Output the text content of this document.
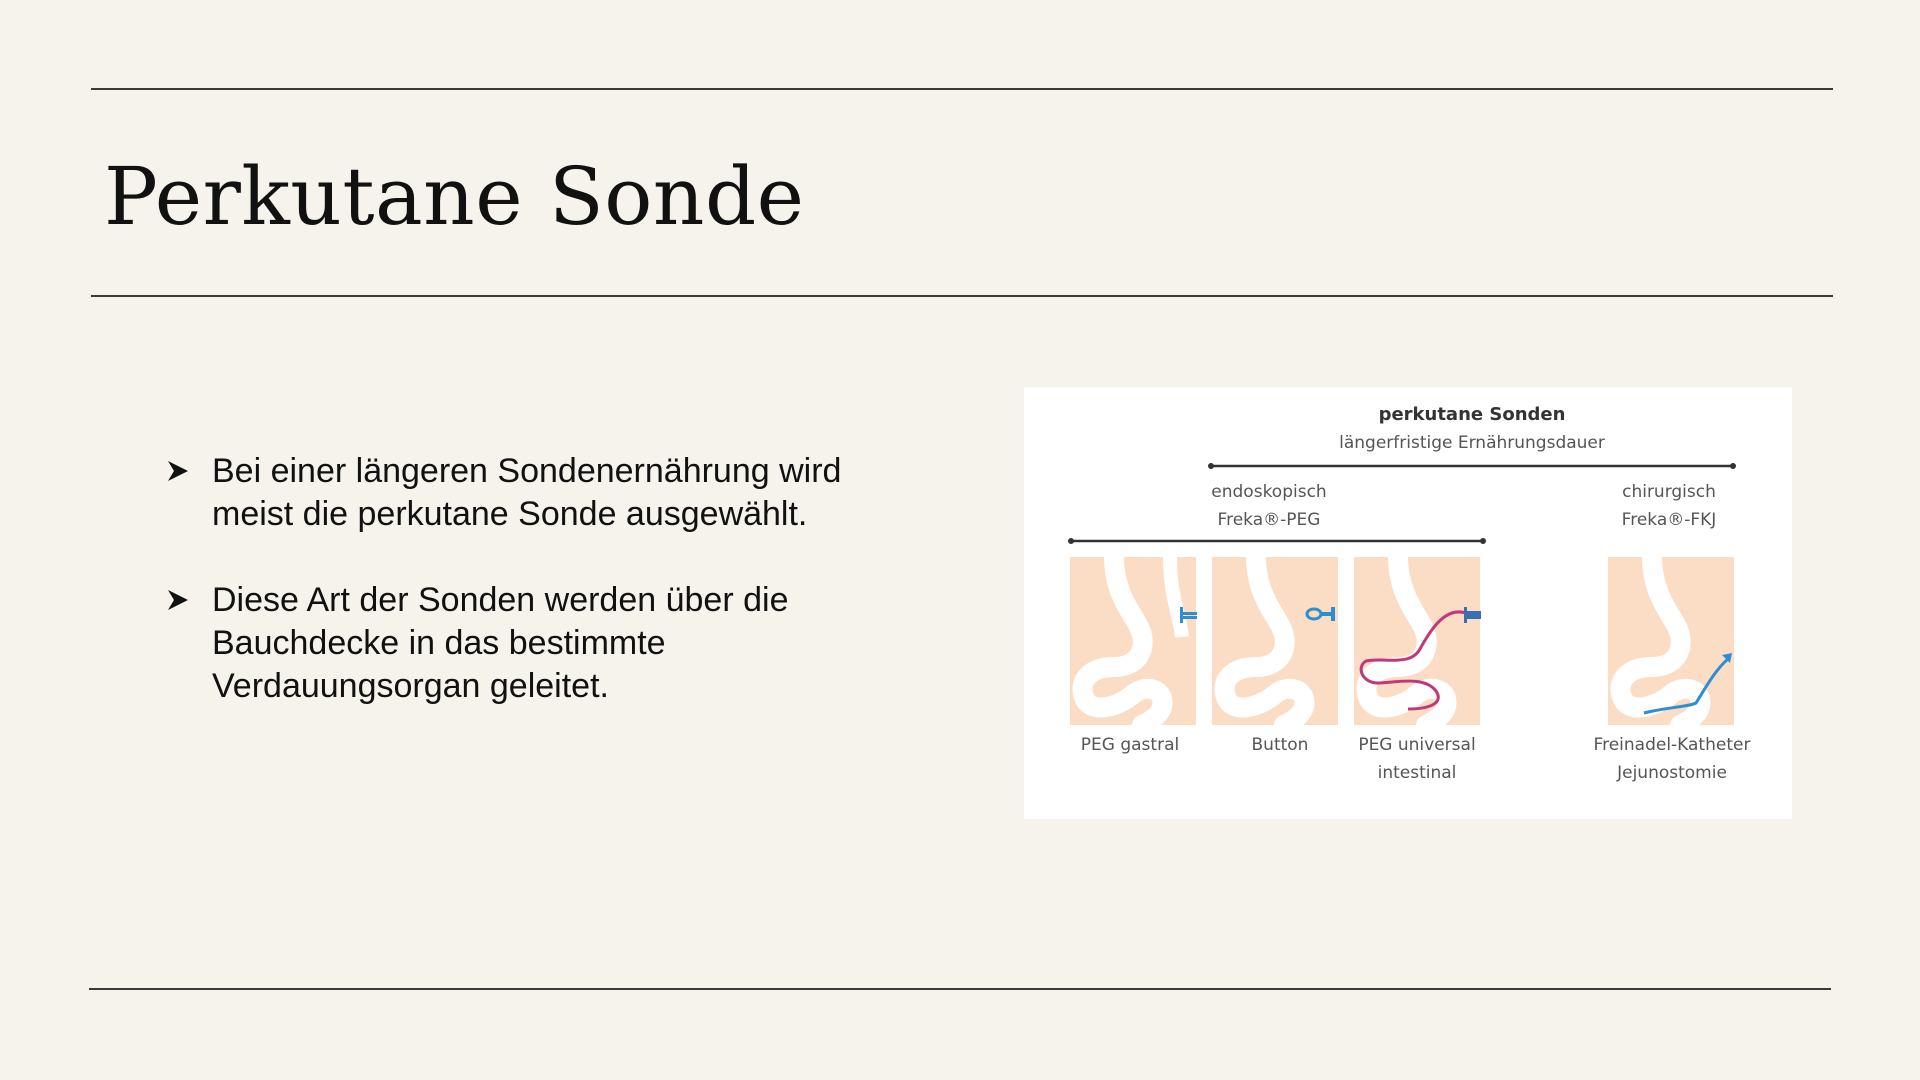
Perkutane Sonde
Bei einer längeren Sondenernährung wird meist die perkutane Sonde ausgewählt.
Diese Art der Sonden werden über die Bauchdecke in das bestimmte Verdauungsorgan geleitet.
perkutane Sonden
längerfristige Ernährungsdauer
endoskopisch
Freka®-PEG
chirurgisch
Freka®-FKJ
PEG gastral	Button	PEG universal
intestinal
Freinadel-Katheter
Jejunostomie
